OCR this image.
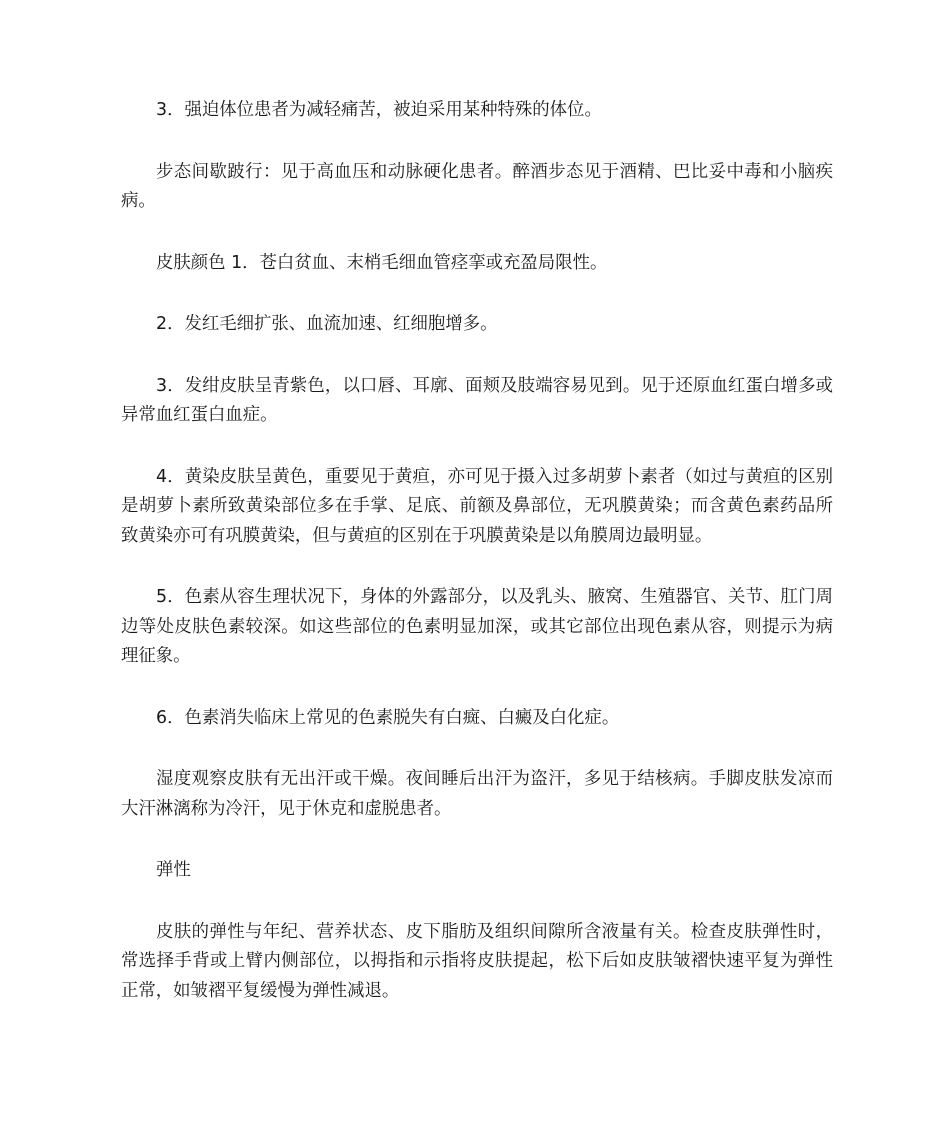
3．强迫体位患者为减轻痛苦，被迫采用某种特殊的体位。

步态间歇跛行：见于高血压和动脉硬化患者。醉酒步态见于酒精、巴比妥中毒和小脑疾病。

皮肤颜色 1．苍白贫血、末梢毛细血管痉挛或充盈局限性。

2．发红毛细扩张、血流加速、红细胞增多。

3．发绀皮肤呈青紫色，以口唇、耳廓、面颊及肢端容易见到。见于还原血红蛋白增多或异常血红蛋白血症。

4．黄染皮肤呈黄色，重要见于黄疸，亦可见于摄入过多胡萝卜素者（如过与黄疸的区别是胡萝卜素所致黄染部位多在手掌、足底、前额及鼻部位，无巩膜黄染；而含黄色素药品所致黄染亦可有巩膜黄染，但与黄疸的区别在于巩膜黄染是以角膜周边最明显。

5．色素从容生理状况下，身体的外露部分，以及乳头、腋窝、生殖器官、关节、肛门周边等处皮肤色素较深。如这些部位的色素明显加深，或其它部位出现色素从容，则提示为病理征象。

6．色素消失临床上常见的色素脱失有白癍、白癜及白化症。

湿度观察皮肤有无出汗或干燥。夜间睡后出汗为盗汗，多见于结核病。手脚皮肤发凉而大汗淋漓称为冷汗，见于休克和虚脱患者。

弹性

皮肤的弹性与年纪、营养状态、皮下脂肪及组织间隙所含液量有关。检查皮肤弹性时，常选择手背或上臂内侧部位，以拇指和示指将皮肤提起，松下后如皮肤皱褶快速平复为弹性正常，如皱褶平复缓慢为弹性减退。
